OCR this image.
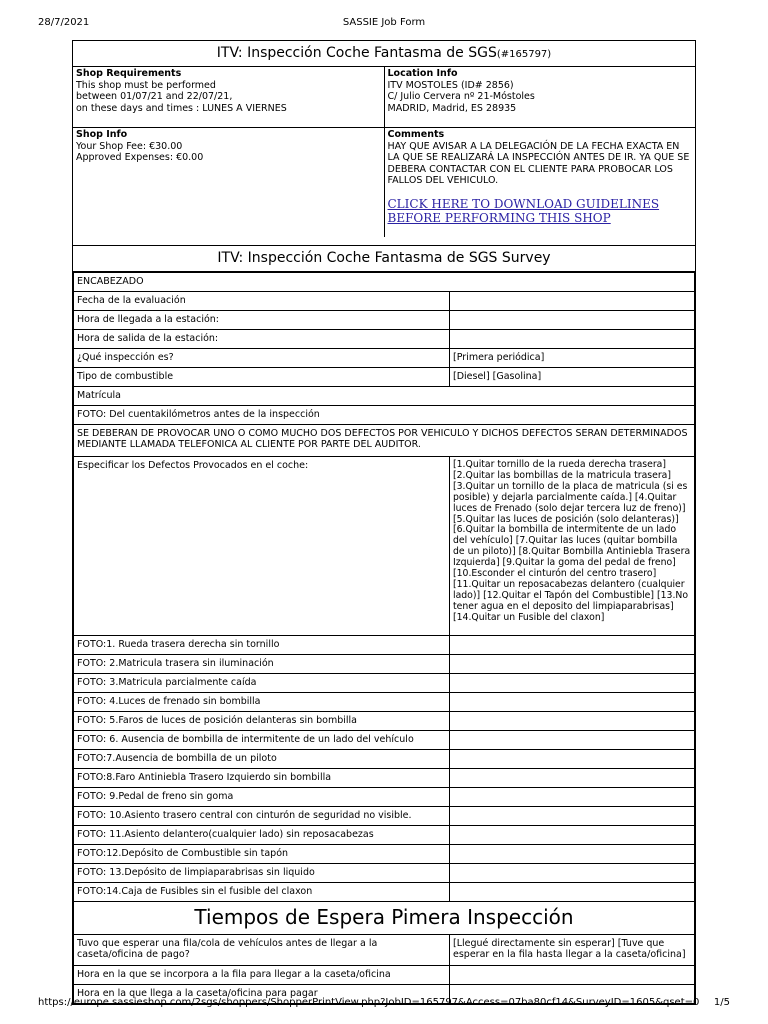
28/7/2021	SASSIE Job Form
ITV: Inspección Coche Fantasma de SGS(#165797)
Shop Requirements
This shop must be performed
between 01/07/21 and 22/07/21,
on these days and times : LUNES A VIERNES
Location Info
ITV MOSTOLES (ID# 2856)
C/ Julio Cervera nº 21-Móstoles
MADRID, Madrid, ES 28935
Shop Info
Your Shop Fee: €30.00
Approved Expenses: €0.00
Comments
HAY QUE AVISAR A LA DELEGACIÓN DE LA FECHA EXACTA EN LA QUE SE REALIZARÁ LA INSPECCIÓN ANTES DE IR. YA QUE SE DEBERA CONTACTAR CON EL CLIENTE PARA PROBOCAR LOS FALLOS DEL VEHICULO.
CLICK HERE TO DOWNLOAD GUIDELINES BEFORE PERFORMING THIS SHOP
ITV: Inspección Coche Fantasma de SGS Survey
ENCABEZADO	
Fecha de la evaluación	
Hora de llegada a la estación:	
Hora de salida de la estación:	
¿Qué inspección es?	[Primera periódica]
Tipo de combustible	[Diesel] [Gasolina]
Matrícula	
FOTO: Del cuentakilómetros antes de la inspección	
SE DEBERAN DE PROVOCAR UNO O COMO MUCHO DOS DEFECTOS POR VEHICULO Y DICHOS DEFECTOS SERAN DETERMINADOS MEDIANTE LLAMADA TELEFONICA AL CLIENTE POR PARTE DEL AUDITOR.	
Especificar los Defectos Provocados en el coche:	[1.Quitar tornillo de la rueda derecha trasera] [2.Quitar las bombillas de la matricula trasera] [3.Quitar un tornillo de la placa de matricula (si es posible) y dejarla parcialmente caída.] [4.Quitar luces de Frenado (solo dejar tercera luz de freno)] [5.Quitar las luces de posición (solo delanteras)] [6.Quitar la bombilla de intermitente de un lado del vehículo] [7.Quitar las luces (quitar bombilla de un piloto)] [8.Quitar Bombilla Antiniebla Trasera Izquierda] [9.Quitar la goma del pedal de freno] [10.Esconder el cinturón del centro trasero] [11.Quitar un reposacabezas delantero (cualquier lado)] [12.Quitar el Tapón del Combustible] [13.No tener agua en el deposito del limpiaparabrisas] [14.Quitar un Fusible del claxon]
FOTO:1. Rueda trasera derecha sin tornillo	
FOTO: 2.Matricula trasera sin iluminación	
FOTO: 3.Matricula parcialmente caída	
FOTO: 4.Luces de frenado sin bombilla	
FOTO: 5.Faros de luces de posición delanteras sin bombilla	
FOTO: 6. Ausencia de bombilla de intermitente de un lado del vehículo	
FOTO:7.Ausencia de bombilla de un piloto	
FOTO:8.Faro Antiniebla Trasero Izquierdo sin bombilla	
FOTO: 9.Pedal de freno sin goma	
FOTO: 10.Asiento trasero central con cinturón de seguridad no visible.	
FOTO: 11.Asiento delantero(cualquier lado) sin reposacabezas	
FOTO:12.Depósito de Combustible sin tapón	
FOTO: 13.Depósito de limpiaparabrisas sin liquido	
FOTO:14.Caja de Fusibles sin el fusible del claxon	
Tiempos de Espera Pimera Inspección	
Tuvo que esperar una fila/cola de vehículos antes de llegar a la caseta/oficina de pago?	[Llegué directamente sin esperar] [Tuve que esperar en la fila hasta llegar a la caseta/oficina]
Hora en la que se incorpora a la fila para llegar a la caseta/oficina	
Hora en la que llega a la caseta/oficina para pagar	
https://europe.sassieshop.com/2sgs/shoppers/ShopperPrintView.php?JobID=165797&Access=07ba80cf14&SurveyID=1605&qset=0 1/5
